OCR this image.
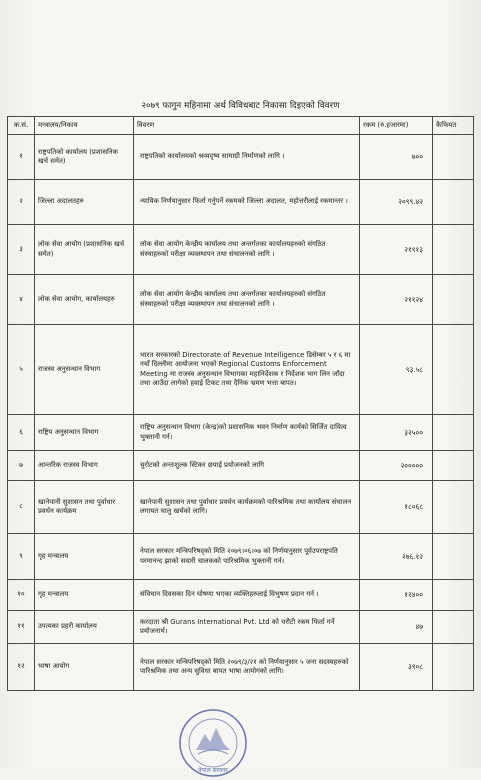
२०७९ फागुन महिनामा अर्थ विविधबाट निकासा दिइएको विवरण
क.सं.	मन्त्रालय/निकाय	विवरण	रकम (रु.हजारमा)	कैफियत
१	राष्ट्रपतिको कार्यालय (प्रशासनिक खर्च समेत)	राष्ट्रपतिको कार्यालयको श्रव्यदृष्य सामाग्री निर्माणको लागि ।	७००	
२	जिल्ला अदालतहरु	न्यायिक निर्णयानुसार फिर्ता गर्नुपर्ने रकमको जिल्ला अदालत, महोत्तरीलाई रकमान्तर ।	२०९९.४२	
३	लोक सेवा आयोग (प्रशासनिक खर्च समेत)	लोक सेवा आयोग केन्द्रीय कार्यालय तथा अन्तर्गतका कार्यालयहरुको संगठित संस्थाहरुको परीक्षा व्यवस्थापन तथा संचालनको लागि ।	२१९१३	
४	लोक सेवा आयोग, कार्यालयहरु	लोक सेवा आयोग केन्द्रीय कार्यालय तथा अन्तर्गतका कार्यालयहरुको संगठित संस्थाहरुको परीक्षा व्यवस्थापन तथा संचालनको लागि ।	२११२४	
५	राजस्व अनुसन्धान विभाग	भारत सरकारको Directorate of Revenue Intelligence डिसेम्बर ५ र ६ मा नयाँ दिल्लीमा आयोजना भएको Regional Customs Enforcement Meeting मा राजस्व अनुसन्धान विभागका महानिर्देशक र निर्देशक भाग लिन जाँदा तथा आउँदा लागेको हवाई टिकट तथा दैनिक भ्रमण भत्ता बापत।	९३.५८	
६	राष्ट्रिय अनुसन्धान विभाग	राष्ट्रिय अनुसन्धान विभाग (केन्द्र)को प्रशासनिक भवन निर्माण कार्यको सिर्जित दायित्व भुक्तानी गर्न।	३२५००	
७	आन्तरिक राजस्व विभाग	चुरोटको अन्तःशुल्क स्टिकर छपाई प्रयोजनको लागि	२०००००	
८	खानेपानी सुशासन तथा पुर्वाधार प्रवर्धन कार्यक्रम	खानेपानी सुशासन तथा पुर्वाधार प्रवर्धन कार्यक्रमको पारिश्रमिक तथा कार्यालय संचालन लगायत चालु खर्चको लागि।	१८०६८	
९	गृह मन्त्रालय	नेपाल सरकार मन्त्रिपरिषद्को मिति २०७९।०६।०७ को निर्णयानुसार पूर्वउपराष्ट्रपति परमानन्द झाको सवारी चालकको पारिश्रमिक भुक्तानी गर्न।	२७६.१२	
१०	गृह मन्त्रालय	संविधान दिवसका दिन घोषणा भएका व्यक्तिहरुलाई विभुषण प्रदान गर्न ।	१२४००	
११	उपत्यका प्रहरी कार्यालय	करदाता श्री Gurans International Pvt. Ltd को धरौटी रकम फिर्ता गर्ने प्रयोजनार्थ।	४७	
१२	भाषा आयोग	नेपाल सरकार मन्त्रिपरिषद्को मिति २०७९/३/२१ को निर्णयानुसार ५ जना सदस्यहरुको पारिश्रमिक तथा अन्य सुविधा बापत भाषा आयोगको लागि।	३९०८	
नेपाल सरकार
